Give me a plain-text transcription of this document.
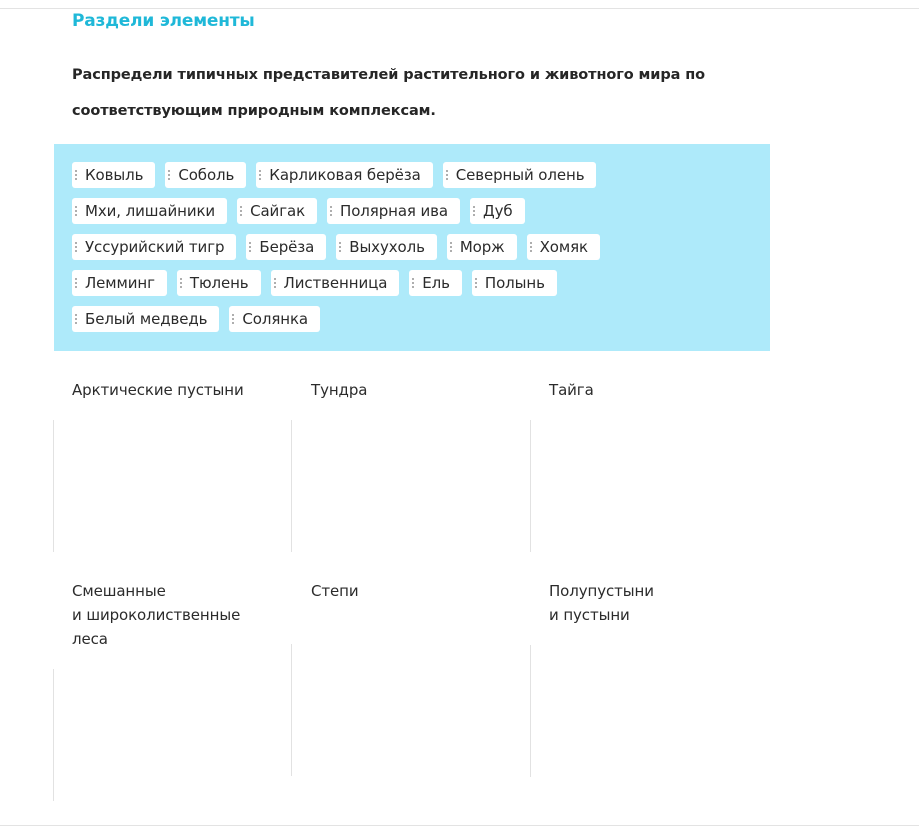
Раздели элементы
Распредели типичных представителей растительного и животного мира по
соответствующим природным комплексам.
Ковыль Соболь Карликовая берёза Северный олень
Мхи, лишайники Сайгак Полярная ива Дуб
Уссурийский тигр Берёза Выхухоль Морж Хомяк
Лемминг Тюлень Лиственница Ель Полынь
Белый медведь Солянка
Арктические пустыни	Тундра	Тайга
Смешанные
и широколиственные
леса
Степи	Полупустыни
и пустыни
